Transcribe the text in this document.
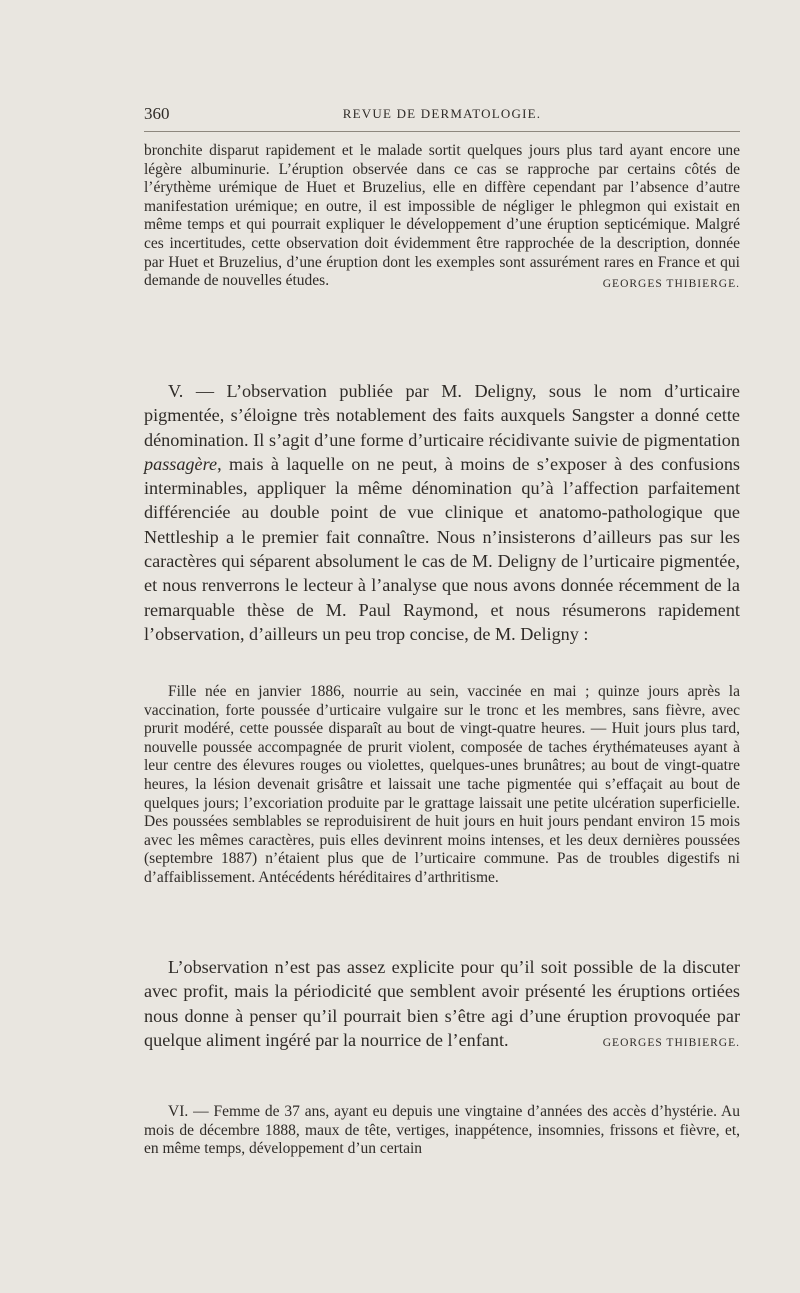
360	REVUE DE DERMATOLOGIE.
bronchite disparut rapidement et le malade sortit quelques jours plus tard ayant encore une légère albuminurie. L’éruption observée dans ce cas se rapproche par certains côtés de l’érythème urémique de Huet et Bruzelius, elle en diffère cependant par l’absence d’autre manifestation urémique; en outre, il est impossible de négliger le phlegmon qui existait en même temps et qui pourrait expliquer le développement d’une éruption septicémique. Malgré ces incertitudes, cette observation doit évidemment être rapprochée de la description, donnée par Huet et Bruzelius, d’une éruption dont les exemples sont assurément rares en France et qui demande de nouvelles études.	GEORGES THIBIERGE.
V. — L’observation publiée par M. Deligny, sous le nom d’urticaire pigmentée, s’éloigne très notablement des faits auxquels Sangster a donné cette dénomination. Il s’agit d’une forme d’urticaire récidivante suivie de pigmentation passagère, mais à laquelle on ne peut, à moins de s’exposer à des confusions interminables, appliquer la même dénomination qu’à l’affection parfaitement différenciée au double point de vue clinique et anatomo-pathologique que Nettleship a le premier fait connaître. Nous n’insisterons d’ailleurs pas sur les caractères qui séparent absolument le cas de M. Deligny de l’urticaire pigmentée, et nous renverrons le lecteur à l’analyse que nous avons donnée récemment de la remarquable thèse de M. Paul Raymond, et nous résumerons rapidement l’observation, d’ailleurs un peu trop concise, de M. Deligny :
Fille née en janvier 1886, nourrie au sein, vaccinée en mai ; quinze jours après la vaccination, forte poussée d’urticaire vulgaire sur le tronc et les membres, sans fièvre, avec prurit modéré, cette poussée disparaît au bout de vingt-quatre heures. — Huit jours plus tard, nouvelle poussée accompagnée de prurit violent, composée de taches érythémateuses ayant à leur centre des élevures rouges ou violettes, quelques-unes brunâtres; au bout de vingt-quatre heures, la lésion devenait grisâtre et laissait une tache pigmentée qui s’effaçait au bout de quelques jours; l’excoriation produite par le grattage laissait une petite ulcération superficielle. Des poussées semblables se reproduisirent de huit jours en huit jours pendant environ 15 mois avec les mêmes caractères, puis elles devinrent moins intenses, et les deux dernières poussées (septembre 1887) n’étaient plus que de l’urticaire commune. Pas de troubles digestifs ni d’affaiblissement. Antécédents héréditaires d’arthritisme.
L’observation n’est pas assez explicite pour qu’il soit possible de la discuter avec profit, mais la périodicité que semblent avoir présenté les éruptions ortiées nous donne à penser qu’il pourrait bien s’être agi d’une éruption provoquée par quelque aliment ingéré par la nourrice de l’enfant.	GEORGES THIBIERGE.
VI. — Femme de 37 ans, ayant eu depuis une vingtaine d’années des accès d’hystérie. Au mois de décembre 1888, maux de tête, vertiges, inappétence, insomnies, frissons et fièvre, et, en même temps, développement d’un certain
